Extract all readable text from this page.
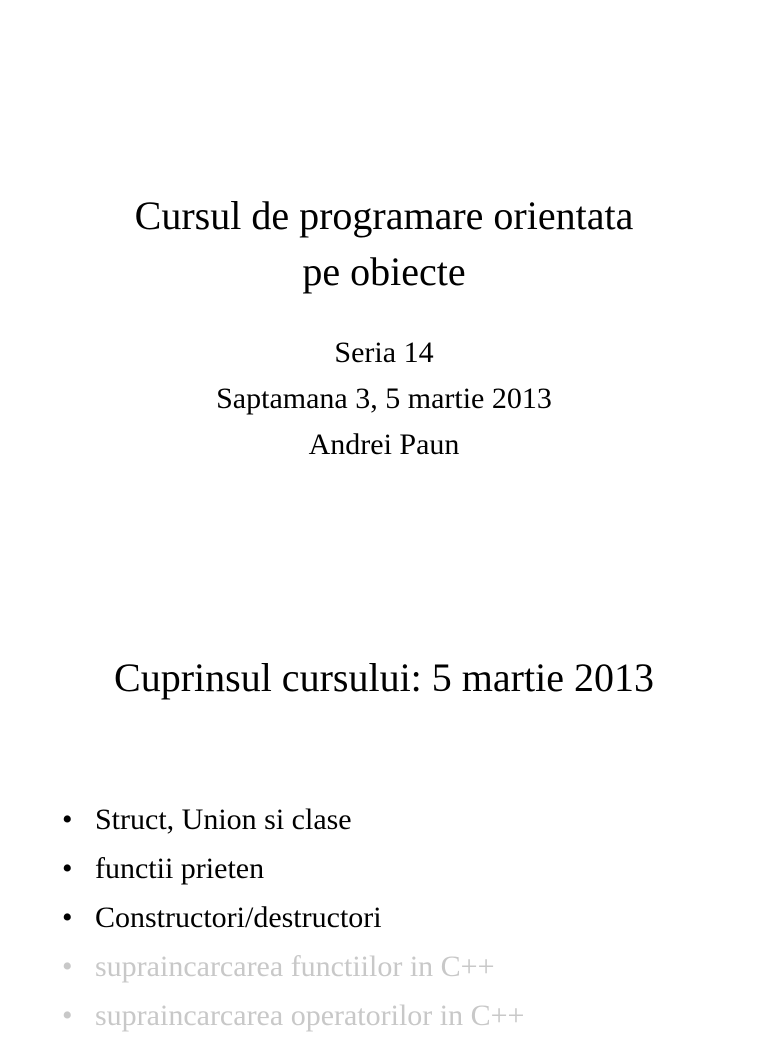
Cursul de programare orientata
pe obiecte
Seria 14
Saptamana 3, 5 martie 2013
Andrei Paun
Cuprinsul cursului: 5 martie 2013
• Struct, Union si clase
• functii prieten
• Constructori/destructori
• supraincarcarea functiilor in C++
• supraincarcarea operatorilor in C++
